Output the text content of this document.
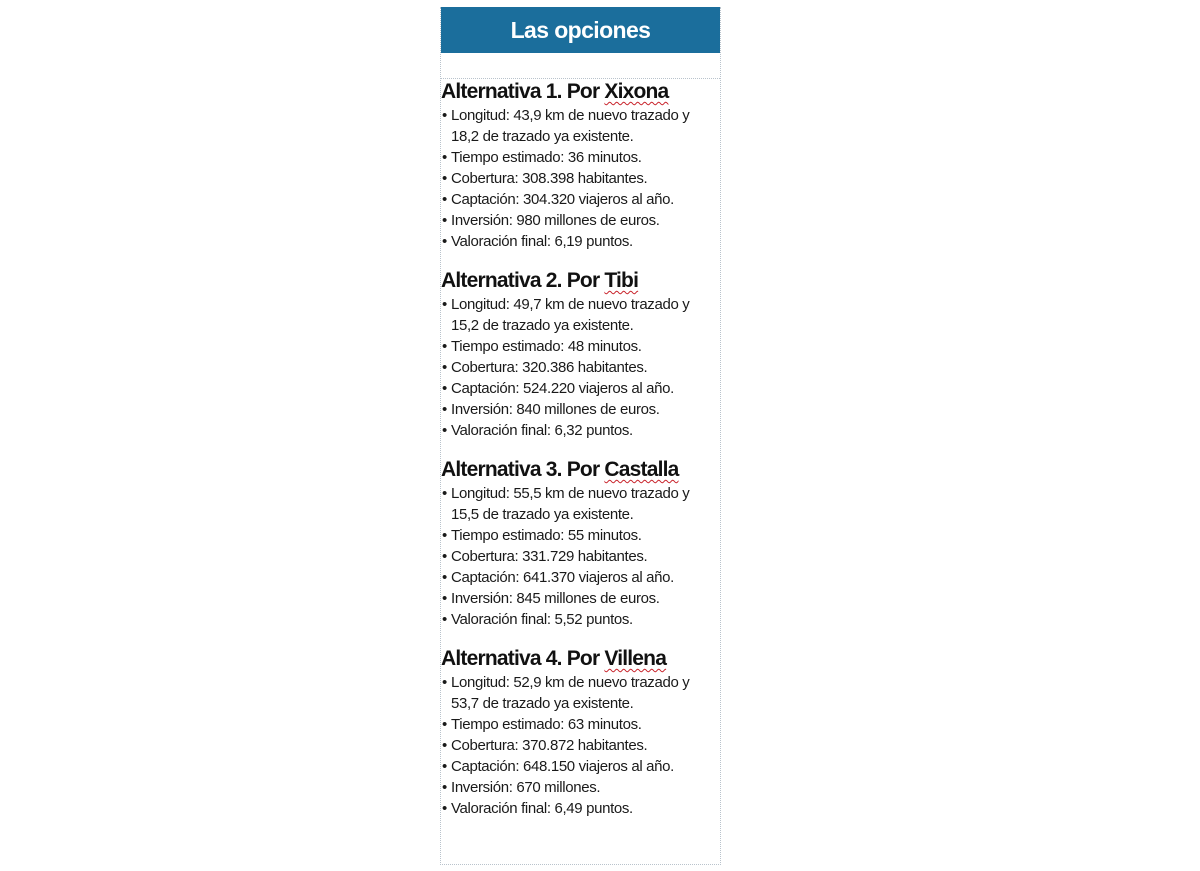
Las opciones
Alternativa 1. Por Xixona
• Longitud: 43,9 km de nuevo trazado y 18,2 de trazado ya existente.
• Tiempo estimado: 36 minutos.
• Cobertura: 308.398 habitantes.
• Captación: 304.320 viajeros al año.
• Inversión: 980 millones de euros.
• Valoración final: 6,19 puntos.
Alternativa 2. Por Tibi
• Longitud: 49,7 km de nuevo trazado y 15,2 de trazado ya existente.
• Tiempo estimado: 48 minutos.
• Cobertura: 320.386 habitantes.
• Captación: 524.220 viajeros al año.
• Inversión: 840 millones de euros.
• Valoración final: 6,32 puntos.
Alternativa 3. Por Castalla
• Longitud: 55,5 km de nuevo trazado y 15,5 de trazado ya existente.
• Tiempo estimado: 55 minutos.
• Cobertura: 331.729 habitantes.
• Captación: 641.370 viajeros al año.
• Inversión: 845 millones de euros.
• Valoración final: 5,52 puntos.
Alternativa 4. Por Villena
• Longitud: 52,9 km de nuevo trazado y 53,7 de trazado ya existente.
• Tiempo estimado: 63 minutos.
• Cobertura: 370.872 habitantes.
• Captación: 648.150 viajeros al año.
• Inversión: 670 millones.
• Valoración final: 6,49 puntos.
